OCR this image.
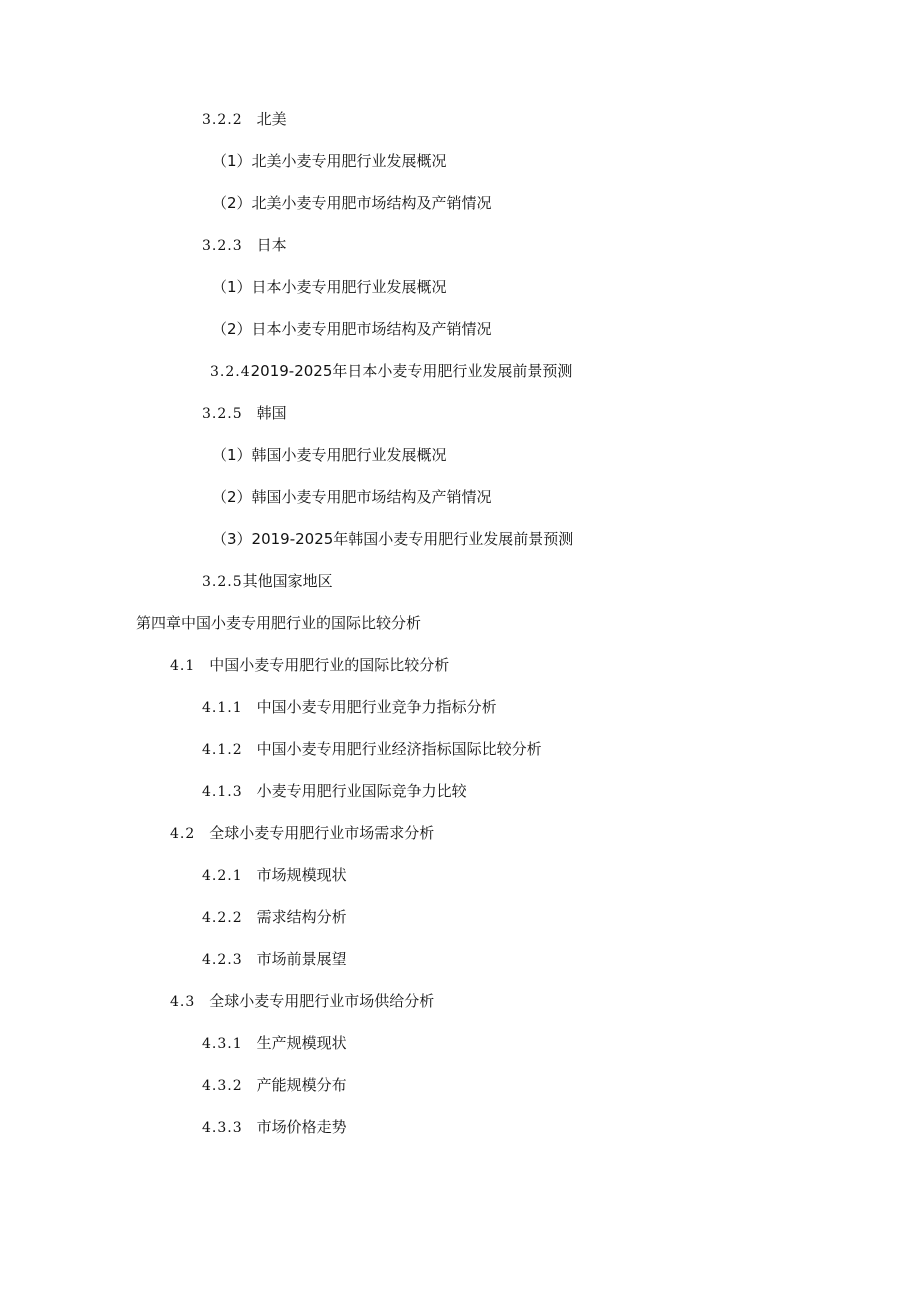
3.2.2 北美
（1）北美小麦专用肥行业发展概况
（2）北美小麦专用肥市场结构及产销情况
3.2.3 日本
（1）日本小麦专用肥行业发展概况
（2）日本小麦专用肥市场结构及产销情况
3.2.42019-2025年日本小麦专用肥行业发展前景预测
3.2.5 韩国
（1）韩国小麦专用肥行业发展概况
（2）韩国小麦专用肥市场结构及产销情况
（3）2019-2025年韩国小麦专用肥行业发展前景预测
3.2.5其他国家地区
第四章中国小麦专用肥行业的国际比较分析
4.1 中国小麦专用肥行业的国际比较分析
4.1.1 中国小麦专用肥行业竞争力指标分析
4.1.2 中国小麦专用肥行业经济指标国际比较分析
4.1.3 小麦专用肥行业国际竞争力比较
4.2 全球小麦专用肥行业市场需求分析
4.2.1 市场规模现状
4.2.2 需求结构分析
4.2.3 市场前景展望
4.3 全球小麦专用肥行业市场供给分析
4.3.1 生产规模现状
4.3.2 产能规模分布
4.3.3 市场价格走势
